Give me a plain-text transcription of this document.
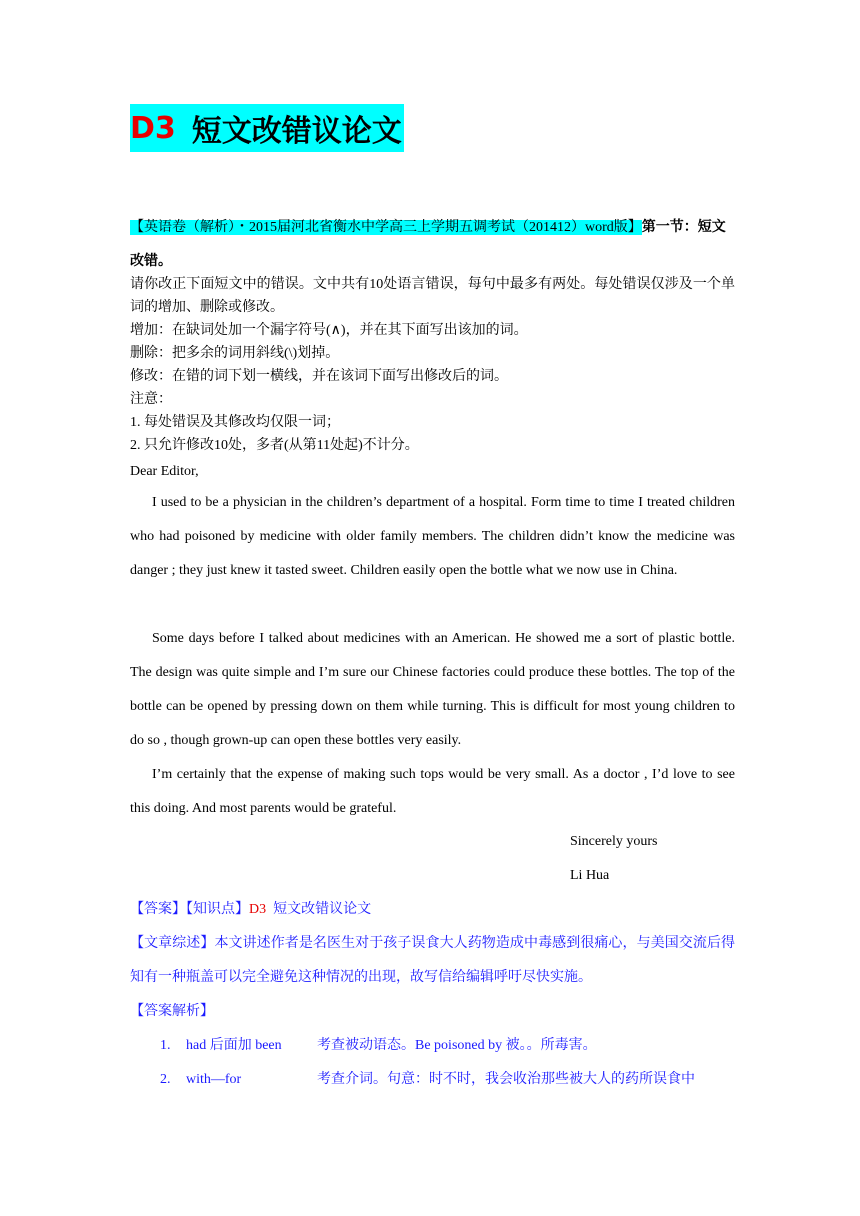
D3 短文改错议论文
【英语卷（解析）・2015届河北省衡水中学高三上学期五调考试（201412）word版】第一节：短文改错。
请你改正下面短文中的错误。文中共有10处语言错误，每句中最多有两处。每处错误仅涉及一个单词的增加、删除或修改。
增加：在缺词处加一个漏字符号(∧)，并在其下面写出该加的词。
删除：把多余的词用斜线(\)划掉。
修改：在错的词下划一横线，并在该词下面写出修改后的词。
注意：
1. 每处错误及其修改均仅限一词；
2. 只允许修改10处，多者(从第11处起)不计分。
Dear Editor,
I used to be a physician in the children’s department of a hospital. Form time to time I treated children who had poisoned by medicine with older family members. The children didn’t know the medicine was danger ; they just knew it tasted sweet. Children easily open the bottle what we now use in China.
Some days before I talked about medicines with an American. He showed me a sort of plastic bottle. The design was quite simple and I’m sure our Chinese factories could produce these bottles. The top of the bottle can be opened by pressing down on them while turning. This is difficult for most young children to do so , though grown-up can open these bottles very easily.
I’m certainly that the expense of making such tops would be very small. As a doctor , I’d love to see this doing. And most parents would be grateful.
Sincerely yours
Li Hua
【答案】【知识点】D3 短文改错议论文
【文章综述】本文讲述作者是名医生对于孩子误食大人药物造成中毒感到很痛心，与美国交流后得知有一种瓶盖可以完全避免这种情况的出现，故写信给编辑呼吁尽快实施。
【答案解析】
1. had 后面加 been	考查被动语态。Be poisoned by 被。。所毒害。
2. with—for	考查介词。句意：时不时，我会收治那些被大人的药所误食中
